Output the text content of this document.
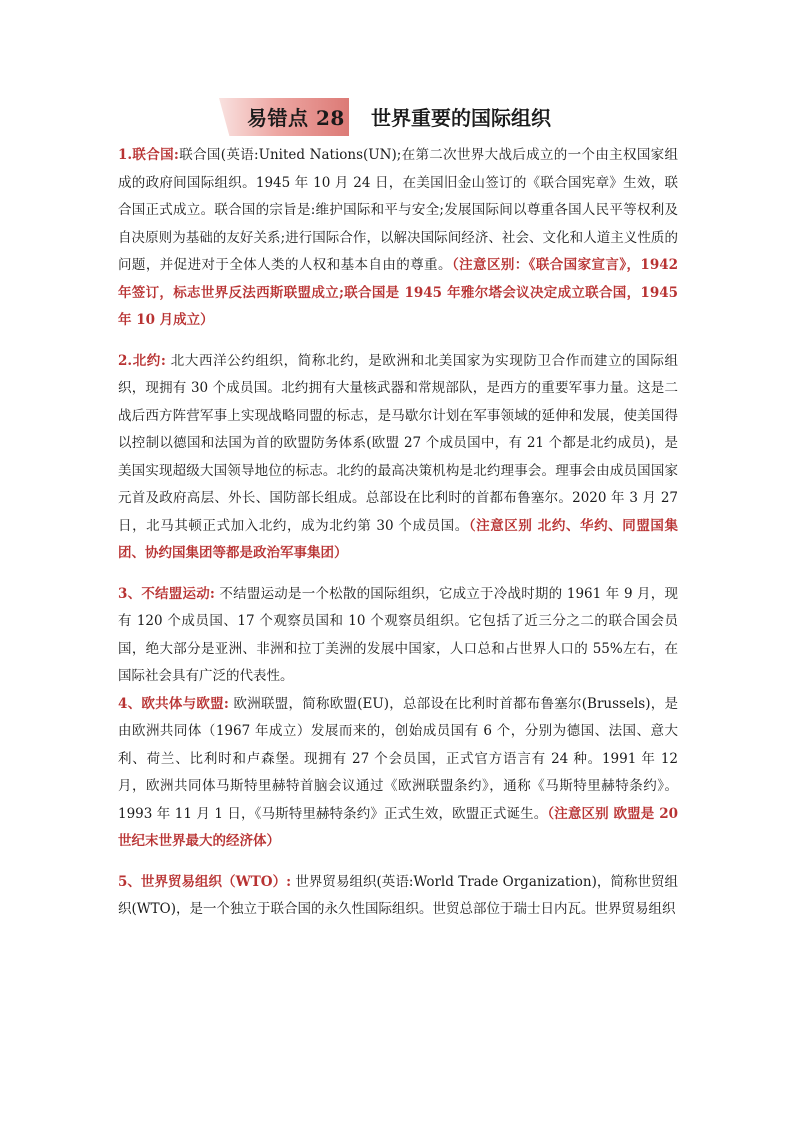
易错点 28 世界重要的国际组织

1.联合国:联合国(英语:United Nations(UN);在第二次世界大战后成立的一个由主权国家组成的政府间国际组织。1945 年 10 月 24 日，在美国旧金山签订的《联合国宪章》生效，联合国正式成立。联合国的宗旨是:维护国际和平与安全;发展国际间以尊重各国人民平等权利及自决原则为基础的友好关系;进行国际合作，以解决国际间经济、社会、文化和人道主义性质的问题，并促进对于全体人类的人权和基本自由的尊重。（注意区别：《联合国家宣言》，1942 年签订，标志世界反法西斯联盟成立;联合国是 1945 年雅尔塔会议决定成立联合国，1945 年 10 月成立）

2.北约: 北大西洋公约组织，简称北约，是欧洲和北美国家为实现防卫合作而建立的国际组织，现拥有 30 个成员国。北约拥有大量核武器和常规部队，是西方的重要军事力量。这是二战后西方阵营军事上实现战略同盟的标志，是马歇尔计划在军事领域的延伸和发展，使美国得以控制以德国和法国为首的欧盟防务体系(欧盟 27 个成员国中，有 21 个都是北约成员)，是美国实现超级大国领导地位的标志。北约的最高决策机构是北约理事会。理事会由成员国国家元首及政府高层、外长、国防部长组成。总部设在比利时的首都布鲁塞尔。2020 年 3 月 27 日，北马其顿正式加入北约，成为北约第 30 个成员国。（注意区别 北约、华约、同盟国集团、协约国集团等都是政治军事集团）

3、不结盟运动: 不结盟运动是一个松散的国际组织，它成立于冷战时期的 1961 年 9 月，现有 120 个成员国、17 个观察员国和 10 个观察员组织。它包括了近三分之二的联合国会员国，绝大部分是亚洲、非洲和拉丁美洲的发展中国家，人口总和占世界人口的 55%左右，在国际社会具有广泛的代表性。

4、欧共体与欧盟: 欧洲联盟，简称欧盟(EU)，总部设在比利时首都布鲁塞尔(Brussels)，是由欧洲共同体（1967 年成立）发展而来的，创始成员国有 6 个，分别为德国、法国、意大利、荷兰、比利时和卢森堡。现拥有 27 个会员国，正式官方语言有 24 种。1991 年 12 月，欧洲共同体马斯特里赫特首脑会议通过《欧洲联盟条约》，通称《马斯特里赫特条约》。1993 年 11 月 1 日，《马斯特里赫特条约》正式生效，欧盟正式诞生。（注意区别 欧盟是 20 世纪末世界最大的经济体）

5、世界贸易组织（WTO）: 世界贸易组织(英语:World Trade Organization)，简称世贸组织(WTO)，是一个独立于联合国的永久性国际组织。世贸总部位于瑞士日内瓦。世界贸易组织
